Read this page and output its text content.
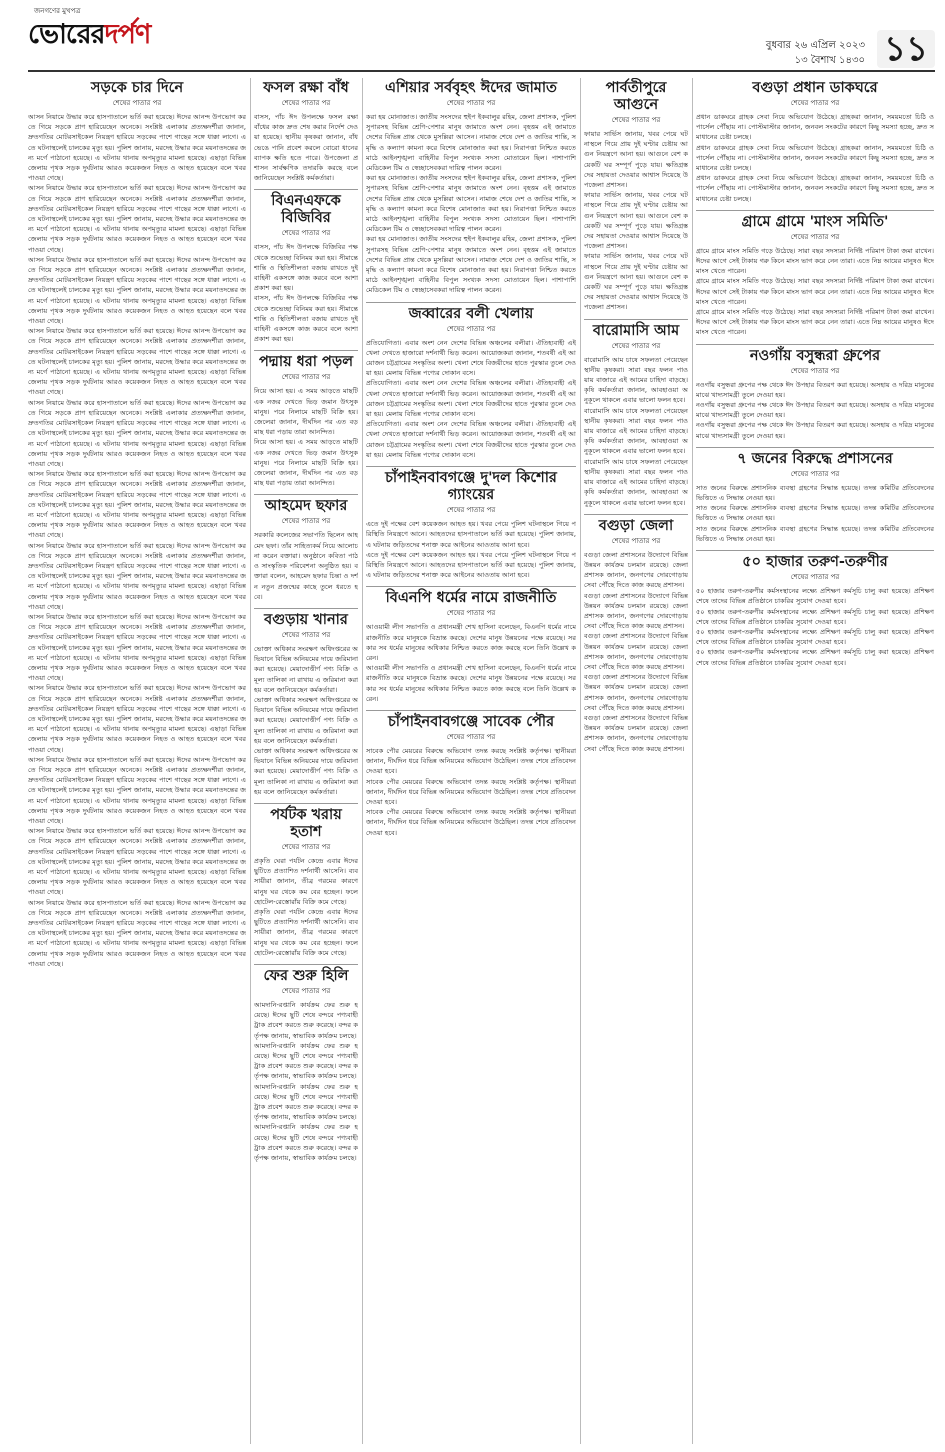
জনগণের মুখপত্র
ভোরেরদর্পণ	বুধবার ২৬ এপ্রিল ২০২৩
১৩ বৈশাখ ১৪৩০ ১১
সড়কে চার দিনে
শেষের পাতার পর

আসন নিয়ামে উদ্ধার করে হাসপাতালে ভর্তি করা হয়েছে। ঈদের আনন্দ উপভোগ করতে গিয়ে সড়কে প্রাণ হারিয়েছেন অনেকে। সংশ্লিষ্ট এলাকার প্রত্যক্ষদর্শীরা জানান, দ্রুতগতির মোটরসাইকেল নিয়ন্ত্রণ হারিয়ে সড়কের পাশে গাছের সঙ্গে ধাক্কা লাগে। এতে ঘটনাস্থলেই চালকের মৃত্যু হয়। পুলিশ জানায়, মরদেহ উদ্ধার করে ময়নাতদন্তের জন্য মর্গে পাঠানো হয়েছে। এ ঘটনায় থানায় অপমৃত্যুর মামলা হয়েছে। এছাড়া বিভিন্ন জেলায় পৃথক সড়ক দুর্ঘটনায় আরও কয়েকজন নিহত ও আহত হয়েছেন বলে খবর পাওয়া গেছে।

আসন নিয়ামে উদ্ধার করে হাসপাতালে ভর্তি করা হয়েছে। ঈদের আনন্দ উপভোগ করতে গিয়ে সড়কে প্রাণ হারিয়েছেন অনেকে। সংশ্লিষ্ট এলাকার প্রত্যক্ষদর্শীরা জানান, দ্রুতগতির মোটরসাইকেল নিয়ন্ত্রণ হারিয়ে সড়কের পাশে গাছের সঙ্গে ধাক্কা লাগে। এতে ঘটনাস্থলেই চালকের মৃত্যু হয়। পুলিশ জানায়, মরদেহ উদ্ধার করে ময়নাতদন্তের জন্য মর্গে পাঠানো হয়েছে। এ ঘটনায় থানায় অপমৃত্যুর মামলা হয়েছে। এছাড়া বিভিন্ন জেলায় পৃথক সড়ক দুর্ঘটনায় আরও কয়েকজন নিহত ও আহত হয়েছেন বলে খবর পাওয়া গেছে।

আসন নিয়ামে উদ্ধার করে হাসপাতালে ভর্তি করা হয়েছে। ঈদের আনন্দ উপভোগ করতে গিয়ে সড়কে প্রাণ হারিয়েছেন অনেকে। সংশ্লিষ্ট এলাকার প্রত্যক্ষদর্শীরা জানান, দ্রুতগতির মোটরসাইকেল নিয়ন্ত্রণ হারিয়ে সড়কের পাশে গাছের সঙ্গে ধাক্কা লাগে। এতে ঘটনাস্থলেই চালকের মৃত্যু হয়। পুলিশ জানায়, মরদেহ উদ্ধার করে ময়নাতদন্তের জন্য মর্গে পাঠানো হয়েছে। এ ঘটনায় থানায় অপমৃত্যুর মামলা হয়েছে। এছাড়া বিভিন্ন জেলায় পৃথক সড়ক দুর্ঘটনায় আরও কয়েকজন নিহত ও আহত হয়েছেন বলে খবর পাওয়া গেছে।

আসন নিয়ামে উদ্ধার করে হাসপাতালে ভর্তি করা হয়েছে। ঈদের আনন্দ উপভোগ করতে গিয়ে সড়কে প্রাণ হারিয়েছেন অনেকে। সংশ্লিষ্ট এলাকার প্রত্যক্ষদর্শীরা জানান, দ্রুতগতির মোটরসাইকেল নিয়ন্ত্রণ হারিয়ে সড়কের পাশে গাছের সঙ্গে ধাক্কা লাগে। এতে ঘটনাস্থলেই চালকের মৃত্যু হয়। পুলিশ জানায়, মরদেহ উদ্ধার করে ময়নাতদন্তের জন্য মর্গে পাঠানো হয়েছে। এ ঘটনায় থানায় অপমৃত্যুর মামলা হয়েছে। এছাড়া বিভিন্ন জেলায় পৃথক সড়ক দুর্ঘটনায় আরও কয়েকজন নিহত ও আহত হয়েছেন বলে খবর পাওয়া গেছে।

আসন নিয়ামে উদ্ধার করে হাসপাতালে ভর্তি করা হয়েছে। ঈদের আনন্দ উপভোগ করতে গিয়ে সড়কে প্রাণ হারিয়েছেন অনেকে। সংশ্লিষ্ট এলাকার প্রত্যক্ষদর্শীরা জানান, দ্রুতগতির মোটরসাইকেল নিয়ন্ত্রণ হারিয়ে সড়কের পাশে গাছের সঙ্গে ধাক্কা লাগে। এতে ঘটনাস্থলেই চালকের মৃত্যু হয়। পুলিশ জানায়, মরদেহ উদ্ধার করে ময়নাতদন্তের জন্য মর্গে পাঠানো হয়েছে। এ ঘটনায় থানায় অপমৃত্যুর মামলা হয়েছে। এছাড়া বিভিন্ন জেলায় পৃথক সড়ক দুর্ঘটনায় আরও কয়েকজন নিহত ও আহত হয়েছেন বলে খবর পাওয়া গেছে।

আসন নিয়ামে উদ্ধার করে হাসপাতালে ভর্তি করা হয়েছে। ঈদের আনন্দ উপভোগ করতে গিয়ে সড়কে প্রাণ হারিয়েছেন অনেকে। সংশ্লিষ্ট এলাকার প্রত্যক্ষদর্শীরা জানান, দ্রুতগতির মোটরসাইকেল নিয়ন্ত্রণ হারিয়ে সড়কের পাশে গাছের সঙ্গে ধাক্কা লাগে। এতে ঘটনাস্থলেই চালকের মৃত্যু হয়। পুলিশ জানায়, মরদেহ উদ্ধার করে ময়নাতদন্তের জন্য মর্গে পাঠানো হয়েছে। এ ঘটনায় থানায় অপমৃত্যুর মামলা হয়েছে। এছাড়া বিভিন্ন জেলায় পৃথক সড়ক দুর্ঘটনায় আরও কয়েকজন নিহত ও আহত হয়েছেন বলে খবর পাওয়া গেছে।

আসন নিয়ামে উদ্ধার করে হাসপাতালে ভর্তি করা হয়েছে। ঈদের আনন্দ উপভোগ করতে গিয়ে সড়কে প্রাণ হারিয়েছেন অনেকে। সংশ্লিষ্ট এলাকার প্রত্যক্ষদর্শীরা জানান, দ্রুতগতির মোটরসাইকেল নিয়ন্ত্রণ হারিয়ে সড়কের পাশে গাছের সঙ্গে ধাক্কা লাগে। এতে ঘটনাস্থলেই চালকের মৃত্যু হয়। পুলিশ জানায়, মরদেহ উদ্ধার করে ময়নাতদন্তের জন্য মর্গে পাঠানো হয়েছে। এ ঘটনায় থানায় অপমৃত্যুর মামলা হয়েছে। এছাড়া বিভিন্ন জেলায় পৃথক সড়ক দুর্ঘটনায় আরও কয়েকজন নিহত ও আহত হয়েছেন বলে খবর পাওয়া গেছে।

আসন নিয়ামে উদ্ধার করে হাসপাতালে ভর্তি করা হয়েছে। ঈদের আনন্দ উপভোগ করতে গিয়ে সড়কে প্রাণ হারিয়েছেন অনেকে। সংশ্লিষ্ট এলাকার প্রত্যক্ষদর্শীরা জানান, দ্রুতগতির মোটরসাইকেল নিয়ন্ত্রণ হারিয়ে সড়কের পাশে গাছের সঙ্গে ধাক্কা লাগে। এতে ঘটনাস্থলেই চালকের মৃত্যু হয়। পুলিশ জানায়, মরদেহ উদ্ধার করে ময়নাতদন্তের জন্য মর্গে পাঠানো হয়েছে। এ ঘটনায় থানায় অপমৃত্যুর মামলা হয়েছে। এছাড়া বিভিন্ন জেলায় পৃথক সড়ক দুর্ঘটনায় আরও কয়েকজন নিহত ও আহত হয়েছেন বলে খবর পাওয়া গেছে।

আসন নিয়ামে উদ্ধার করে হাসপাতালে ভর্তি করা হয়েছে। ঈদের আনন্দ উপভোগ করতে গিয়ে সড়কে প্রাণ হারিয়েছেন অনেকে। সংশ্লিষ্ট এলাকার প্রত্যক্ষদর্শীরা জানান, দ্রুতগতির মোটরসাইকেল নিয়ন্ত্রণ হারিয়ে সড়কের পাশে গাছের সঙ্গে ধাক্কা লাগে। এতে ঘটনাস্থলেই চালকের মৃত্যু হয়। পুলিশ জানায়, মরদেহ উদ্ধার করে ময়নাতদন্তের জন্য মর্গে পাঠানো হয়েছে। এ ঘটনায় থানায় অপমৃত্যুর মামলা হয়েছে। এছাড়া বিভিন্ন জেলায় পৃথক সড়ক দুর্ঘটনায় আরও কয়েকজন নিহত ও আহত হয়েছেন বলে খবর পাওয়া গেছে।

আসন নিয়ামে উদ্ধার করে হাসপাতালে ভর্তি করা হয়েছে। ঈদের আনন্দ উপভোগ করতে গিয়ে সড়কে প্রাণ হারিয়েছেন অনেকে। সংশ্লিষ্ট এলাকার প্রত্যক্ষদর্শীরা জানান, দ্রুতগতির মোটরসাইকেল নিয়ন্ত্রণ হারিয়ে সড়কের পাশে গাছের সঙ্গে ধাক্কা লাগে। এতে ঘটনাস্থলেই চালকের মৃত্যু হয়। পুলিশ জানায়, মরদেহ উদ্ধার করে ময়নাতদন্তের জন্য মর্গে পাঠানো হয়েছে। এ ঘটনায় থানায় অপমৃত্যুর মামলা হয়েছে। এছাড়া বিভিন্ন জেলায় পৃথক সড়ক দুর্ঘটনায় আরও কয়েকজন নিহত ও আহত হয়েছেন বলে খবর পাওয়া গেছে।

আসন নিয়ামে উদ্ধার করে হাসপাতালে ভর্তি করা হয়েছে। ঈদের আনন্দ উপভোগ করতে গিয়ে সড়কে প্রাণ হারিয়েছেন অনেকে। সংশ্লিষ্ট এলাকার প্রত্যক্ষদর্শীরা জানান, দ্রুতগতির মোটরসাইকেল নিয়ন্ত্রণ হারিয়ে সড়কের পাশে গাছের সঙ্গে ধাক্কা লাগে। এতে ঘটনাস্থলেই চালকের মৃত্যু হয়। পুলিশ জানায়, মরদেহ উদ্ধার করে ময়নাতদন্তের জন্য মর্গে পাঠানো হয়েছে। এ ঘটনায় থানায় অপমৃত্যুর মামলা হয়েছে। এছাড়া বিভিন্ন জেলায় পৃথক সড়ক দুর্ঘটনায় আরও কয়েকজন নিহত ও আহত হয়েছেন বলে খবর পাওয়া গেছে।

আসন নিয়ামে উদ্ধার করে হাসপাতালে ভর্তি করা হয়েছে। ঈদের আনন্দ উপভোগ করতে গিয়ে সড়কে প্রাণ হারিয়েছেন অনেকে। সংশ্লিষ্ট এলাকার প্রত্যক্ষদর্শীরা জানান, দ্রুতগতির মোটরসাইকেল নিয়ন্ত্রণ হারিয়ে সড়কের পাশে গাছের সঙ্গে ধাক্কা লাগে। এতে ঘটনাস্থলেই চালকের মৃত্যু হয়। পুলিশ জানায়, মরদেহ উদ্ধার করে ময়নাতদন্তের জন্য মর্গে পাঠানো হয়েছে। এ ঘটনায় থানায় অপমৃত্যুর মামলা হয়েছে। এছাড়া বিভিন্ন জেলায় পৃথক সড়ক দুর্ঘটনায় আরও কয়েকজন নিহত ও আহত হয়েছেন বলে খবর পাওয়া গেছে।

ফসল রক্ষা বাঁধ
শেষের পাতার পর

বাসস, পাঁচ ঈদ উপলক্ষে ফসল রক্ষা বাঁধের কাজ দ্রুত শেষ করার নির্দেশ দেওয়া হয়েছে। স্থানীয় কৃষকরা জানান, বাঁধ ভেঙে পানি প্রবেশ করলে বোরো ধানের ব্যাপক ক্ষতি হতে পারে। উপজেলা প্রশাসন সার্বক্ষণিক তদারকি করছে বলে জানিয়েছেন সংশ্লিষ্ট কর্মকর্তারা।

বিএনএফকে বিজিবির
শেষের পাতার পর

বাসস, পাঁচ ঈদ উপলক্ষে বিজিবির পক্ষ থেকে শুভেচ্ছা বিনিময় করা হয়। সীমান্তে শান্তি ও স্থিতিশীলতা বজায় রাখতে দুই বাহিনী একসঙ্গে কাজ করবে বলে আশা প্রকাশ করা হয়।

বাসস, পাঁচ ঈদ উপলক্ষে বিজিবির পক্ষ থেকে শুভেচ্ছা বিনিময় করা হয়। সীমান্তে শান্তি ও স্থিতিশীলতা বজায় রাখতে দুই বাহিনী একসঙ্গে কাজ করবে বলে আশা প্রকাশ করা হয়।

পদ্মায় ধরা পড়ল
শেষের পাতার পর

নিয়ে আসা হয়। এ সময় আড়তে মাছটি এক নজর দেখতে ভিড় জমান উৎসুক মানুষ। পরে নিলামে মাছটি বিক্রি হয়। জেলেরা জানান, দীর্ঘদিন পর এত বড় মাছ ধরা পড়ায় তারা আনন্দিত।

নিয়ে আসা হয়। এ সময় আড়তে মাছটি এক নজর দেখতে ভিড় জমান উৎসুক মানুষ। পরে নিলামে মাছটি বিক্রি হয়। জেলেরা জানান, দীর্ঘদিন পর এত বড় মাছ ধরা পড়ায় তারা আনন্দিত।

আহমেদ ছফার
শেষের পাতার পর

সরকারি কলেজের সভাপতি ছিলেন আহমেদ ছফা। তাঁর সাহিত্যকর্ম নিয়ে আলোচনা করেন বক্তারা। অনুষ্ঠানে কবিতা পাঠ ও সাংস্কৃতিক পরিবেশনা অনুষ্ঠিত হয়। বক্তারা বলেন, আহমেদ ছফার চিন্তা ও দর্শন নতুন প্রজন্মের কাছে তুলে ধরতে হবে।

বগুড়ায় খানার
শেষের পাতার পর

ভোক্তা অধিকার সংরক্ষণ অধিদপ্তরের অভিযানে বিভিন্ন অনিয়মের দায়ে জরিমানা করা হয়েছে। মেয়াদোত্তীর্ণ পণ্য বিক্রি ও মূল্য তালিকা না রাখায় এ জরিমানা করা হয় বলে জানিয়েছেন কর্মকর্তারা।

ভোক্তা অধিকার সংরক্ষণ অধিদপ্তরের অভিযানে বিভিন্ন অনিয়মের দায়ে জরিমানা করা হয়েছে। মেয়াদোত্তীর্ণ পণ্য বিক্রি ও মূল্য তালিকা না রাখায় এ জরিমানা করা হয় বলে জানিয়েছেন কর্মকর্তারা।

ভোক্তা অধিকার সংরক্ষণ অধিদপ্তরের অভিযানে বিভিন্ন অনিয়মের দায়ে জরিমানা করা হয়েছে। মেয়াদোত্তীর্ণ পণ্য বিক্রি ও মূল্য তালিকা না রাখায় এ জরিমানা করা হয় বলে জানিয়েছেন কর্মকর্তারা।

পর্যটক খরায় হতাশ
শেষের পাতার পর

প্রকৃতি ঘেরা পর্যটন কেন্দ্রে এবার ঈদের ছুটিতে প্রত্যাশিত দর্শনার্থী আসেনি। ব্যবসায়ীরা জানান, তীব্র গরমের কারণে মানুষ ঘর থেকে কম বের হচ্ছেন। ফলে হোটেল-রেস্তোরাঁয় বিক্রি কমে গেছে।

প্রকৃতি ঘেরা পর্যটন কেন্দ্রে এবার ঈদের ছুটিতে প্রত্যাশিত দর্শনার্থী আসেনি। ব্যবসায়ীরা জানান, তীব্র গরমের কারণে মানুষ ঘর থেকে কম বের হচ্ছেন। ফলে হোটেল-রেস্তোরাঁয় বিক্রি কমে গেছে।

ফের শুরু হিলি
শেষের পাতার পর

আমদানি-রপ্তানি কার্যক্রম ফের শুরু হয়েছে। ঈদের ছুটি শেষে বন্দরে পণ্যবাহী ট্রাক প্রবেশ করতে শুরু করেছে। বন্দর কর্তৃপক্ষ জানায়, স্বাভাবিক কার্যক্রম চলছে।

আমদানি-রপ্তানি কার্যক্রম ফের শুরু হয়েছে। ঈদের ছুটি শেষে বন্দরে পণ্যবাহী ট্রাক প্রবেশ করতে শুরু করেছে। বন্দর কর্তৃপক্ষ জানায়, স্বাভাবিক কার্যক্রম চলছে।

আমদানি-রপ্তানি কার্যক্রম ফের শুরু হয়েছে। ঈদের ছুটি শেষে বন্দরে পণ্যবাহী ট্রাক প্রবেশ করতে শুরু করেছে। বন্দর কর্তৃপক্ষ জানায়, স্বাভাবিক কার্যক্রম চলছে।

আমদানি-রপ্তানি কার্যক্রম ফের শুরু হয়েছে। ঈদের ছুটি শেষে বন্দরে পণ্যবাহী ট্রাক প্রবেশ করতে শুরু করেছে। বন্দর কর্তৃপক্ষ জানায়, স্বাভাবিক কার্যক্রম চলছে।

এশিয়ার সর্ববৃহৎ ঈদের জামাত
শেষের পাতার পর

করা হয় মোনাজাত। জাতীয় সংসদের হুইপ ইকবালুর রহিম, জেলা প্রশাসক, পুলিশ সুপারসহ বিভিন্ন শ্রেণি-পেশার মানুষ জামাতে অংশ নেন। বৃহত্তম এই জামাতে দেশের বিভিন্ন প্রান্ত থেকে মুসল্লিরা আসেন। নামাজ শেষে দেশ ও জাতির শান্তি, সমৃদ্ধি ও কল্যাণ কামনা করে বিশেষ মোনাজাত করা হয়। নিরাপত্তা নিশ্চিত করতে মাঠে আইনশৃঙ্খলা বাহিনীর বিপুল সংখ্যক সদস্য মোতায়েন ছিল। পাশাপাশি মেডিকেল টিম ও স্বেচ্ছাসেবকরা দায়িত্ব পালন করেন।

করা হয় মোনাজাত। জাতীয় সংসদের হুইপ ইকবালুর রহিম, জেলা প্রশাসক, পুলিশ সুপারসহ বিভিন্ন শ্রেণি-পেশার মানুষ জামাতে অংশ নেন। বৃহত্তম এই জামাতে দেশের বিভিন্ন প্রান্ত থেকে মুসল্লিরা আসেন। নামাজ শেষে দেশ ও জাতির শান্তি, সমৃদ্ধি ও কল্যাণ কামনা করে বিশেষ মোনাজাত করা হয়। নিরাপত্তা নিশ্চিত করতে মাঠে আইনশৃঙ্খলা বাহিনীর বিপুল সংখ্যক সদস্য মোতায়েন ছিল। পাশাপাশি মেডিকেল টিম ও স্বেচ্ছাসেবকরা দায়িত্ব পালন করেন।

করা হয় মোনাজাত। জাতীয় সংসদের হুইপ ইকবালুর রহিম, জেলা প্রশাসক, পুলিশ সুপারসহ বিভিন্ন শ্রেণি-পেশার মানুষ জামাতে অংশ নেন। বৃহত্তম এই জামাতে দেশের বিভিন্ন প্রান্ত থেকে মুসল্লিরা আসেন। নামাজ শেষে দেশ ও জাতির শান্তি, সমৃদ্ধি ও কল্যাণ কামনা করে বিশেষ মোনাজাত করা হয়। নিরাপত্তা নিশ্চিত করতে মাঠে আইনশৃঙ্খলা বাহিনীর বিপুল সংখ্যক সদস্য মোতায়েন ছিল। পাশাপাশি মেডিকেল টিম ও স্বেচ্ছাসেবকরা দায়িত্ব পালন করেন।

জব্বারের বলী খেলায়
শেষের পাতার পর

প্রতিযোগিতা। এবার অংশ নেন দেশের বিভিন্ন অঞ্চলের বলীরা। ঐতিহ্যবাহী এই খেলা দেখতে হাজারো দর্শনার্থী ভিড় করেন। আয়োজকরা জানান, শতবর্ষী এই আয়োজন চট্টগ্রামের সংস্কৃতির অংশ। খেলা শেষে বিজয়ীদের হাতে পুরস্কার তুলে দেওয়া হয়। মেলায় বিভিন্ন পণ্যের দোকান বসে।

প্রতিযোগিতা। এবার অংশ নেন দেশের বিভিন্ন অঞ্চলের বলীরা। ঐতিহ্যবাহী এই খেলা দেখতে হাজারো দর্শনার্থী ভিড় করেন। আয়োজকরা জানান, শতবর্ষী এই আয়োজন চট্টগ্রামের সংস্কৃতির অংশ। খেলা শেষে বিজয়ীদের হাতে পুরস্কার তুলে দেওয়া হয়। মেলায় বিভিন্ন পণ্যের দোকান বসে।

প্রতিযোগিতা। এবার অংশ নেন দেশের বিভিন্ন অঞ্চলের বলীরা। ঐতিহ্যবাহী এই খেলা দেখতে হাজারো দর্শনার্থী ভিড় করেন। আয়োজকরা জানান, শতবর্ষী এই আয়োজন চট্টগ্রামের সংস্কৃতির অংশ। খেলা শেষে বিজয়ীদের হাতে পুরস্কার তুলে দেওয়া হয়। মেলায় বিভিন্ন পণ্যের দোকান বসে।

চাঁপাইনবাবগঞ্জে দু'দল কিশোর গ্যাংয়ের
শেষের পাতার পর

এতে দুই পক্ষের বেশ কয়েকজন আহত হয়। খবর পেয়ে পুলিশ ঘটনাস্থলে গিয়ে পরিস্থিতি নিয়ন্ত্রণে আনে। আহতদের হাসপাতালে ভর্তি করা হয়েছে। পুলিশ জানায়, এ ঘটনায় জড়িতদের শনাক্ত করে আইনের আওতায় আনা হবে।

এতে দুই পক্ষের বেশ কয়েকজন আহত হয়। খবর পেয়ে পুলিশ ঘটনাস্থলে গিয়ে পরিস্থিতি নিয়ন্ত্রণে আনে। আহতদের হাসপাতালে ভর্তি করা হয়েছে। পুলিশ জানায়, এ ঘটনায় জড়িতদের শনাক্ত করে আইনের আওতায় আনা হবে।

বিএনপি ধর্মের নামে রাজনীতি
শেষের পাতার পর

আওয়ামী লীগ সভাপতি ও প্রধানমন্ত্রী শেখ হাসিনা বলেছেন, বিএনপি ধর্মের নামে রাজনীতি করে মানুষকে বিভ্রান্ত করছে। দেশের মানুষ উন্নয়নের পক্ষে রয়েছে। সরকার সব ধর্মের মানুষের অধিকার নিশ্চিত করতে কাজ করছে বলে তিনি উল্লেখ করেন।

আওয়ামী লীগ সভাপতি ও প্রধানমন্ত্রী শেখ হাসিনা বলেছেন, বিএনপি ধর্মের নামে রাজনীতি করে মানুষকে বিভ্রান্ত করছে। দেশের মানুষ উন্নয়নের পক্ষে রয়েছে। সরকার সব ধর্মের মানুষের অধিকার নিশ্চিত করতে কাজ করছে বলে তিনি উল্লেখ করেন।

চাঁপাইনবাবগঞ্জে সাবেক পৌর
শেষের পাতার পর

সাবেক পৌর মেয়রের বিরুদ্ধে অভিযোগ তদন্ত করছে সংশ্লিষ্ট কর্তৃপক্ষ। স্থানীয়রা জানান, দীর্ঘদিন ধরে বিভিন্ন অনিয়মের অভিযোগ উঠেছিল। তদন্ত শেষে প্রতিবেদন দেওয়া হবে।

সাবেক পৌর মেয়রের বিরুদ্ধে অভিযোগ তদন্ত করছে সংশ্লিষ্ট কর্তৃপক্ষ। স্থানীয়রা জানান, দীর্ঘদিন ধরে বিভিন্ন অনিয়মের অভিযোগ উঠেছিল। তদন্ত শেষে প্রতিবেদন দেওয়া হবে।

সাবেক পৌর মেয়রের বিরুদ্ধে অভিযোগ তদন্ত করছে সংশ্লিষ্ট কর্তৃপক্ষ। স্থানীয়রা জানান, দীর্ঘদিন ধরে বিভিন্ন অনিয়মের অভিযোগ উঠেছিল। তদন্ত শেষে প্রতিবেদন দেওয়া হবে।

পার্বতীপুরে আগুনে
শেষের পাতার পর

ফায়ার সার্ভিস জানায়, খবর পেয়ে ঘটনাস্থলে গিয়ে প্রায় দুই ঘণ্টার চেষ্টায় আগুন নিয়ন্ত্রণে আনা হয়। আগুনে বেশ কয়েকটি ঘর সম্পূর্ণ পুড়ে যায়। ক্ষতিগ্রস্তদের সহায়তা দেওয়ার আশ্বাস দিয়েছে উপজেলা প্রশাসন।

ফায়ার সার্ভিস জানায়, খবর পেয়ে ঘটনাস্থলে গিয়ে প্রায় দুই ঘণ্টার চেষ্টায় আগুন নিয়ন্ত্রণে আনা হয়। আগুনে বেশ কয়েকটি ঘর সম্পূর্ণ পুড়ে যায়। ক্ষতিগ্রস্তদের সহায়তা দেওয়ার আশ্বাস দিয়েছে উপজেলা প্রশাসন।

ফায়ার সার্ভিস জানায়, খবর পেয়ে ঘটনাস্থলে গিয়ে প্রায় দুই ঘণ্টার চেষ্টায় আগুন নিয়ন্ত্রণে আনা হয়। আগুনে বেশ কয়েকটি ঘর সম্পূর্ণ পুড়ে যায়। ক্ষতিগ্রস্তদের সহায়তা দেওয়ার আশ্বাস দিয়েছে উপজেলা প্রশাসন।

বারোমাসি আম
শেষের পাতার পর

বারোমাসি আম চাষে সফলতা পেয়েছেন স্থানীয় কৃষকরা। সারা বছর ফলন পাওয়ায় বাজারে এই আমের চাহিদা বাড়ছে। কৃষি কর্মকর্তারা জানান, আবহাওয়া অনুকূলে থাকলে এবার ভালো ফলন হবে।

বারোমাসি আম চাষে সফলতা পেয়েছেন স্থানীয় কৃষকরা। সারা বছর ফলন পাওয়ায় বাজারে এই আমের চাহিদা বাড়ছে। কৃষি কর্মকর্তারা জানান, আবহাওয়া অনুকূলে থাকলে এবার ভালো ফলন হবে।

বারোমাসি আম চাষে সফলতা পেয়েছেন স্থানীয় কৃষকরা। সারা বছর ফলন পাওয়ায় বাজারে এই আমের চাহিদা বাড়ছে। কৃষি কর্মকর্তারা জানান, আবহাওয়া অনুকূলে থাকলে এবার ভালো ফলন হবে।

বগুড়া জেলা
শেষের পাতার পর

বগুড়া জেলা প্রশাসনের উদ্যোগে বিভিন্ন উন্নয়ন কার্যক্রম চলমান রয়েছে। জেলা প্রশাসক জানান, জনগণের দোরগোড়ায় সেবা পৌঁছে দিতে কাজ করছে প্রশাসন।

বগুড়া জেলা প্রশাসনের উদ্যোগে বিভিন্ন উন্নয়ন কার্যক্রম চলমান রয়েছে। জেলা প্রশাসক জানান, জনগণের দোরগোড়ায় সেবা পৌঁছে দিতে কাজ করছে প্রশাসন।

বগুড়া জেলা প্রশাসনের উদ্যোগে বিভিন্ন উন্নয়ন কার্যক্রম চলমান রয়েছে। জেলা প্রশাসক জানান, জনগণের দোরগোড়ায় সেবা পৌঁছে দিতে কাজ করছে প্রশাসন।

বগুড়া জেলা প্রশাসনের উদ্যোগে বিভিন্ন উন্নয়ন কার্যক্রম চলমান রয়েছে। জেলা প্রশাসক জানান, জনগণের দোরগোড়ায় সেবা পৌঁছে দিতে কাজ করছে প্রশাসন।

বগুড়া জেলা প্রশাসনের উদ্যোগে বিভিন্ন উন্নয়ন কার্যক্রম চলমান রয়েছে। জেলা প্রশাসক জানান, জনগণের দোরগোড়ায় সেবা পৌঁছে দিতে কাজ করছে প্রশাসন।

বগুড়া প্রধান ডাকঘরে
শেষের পাতার পর

প্রধান ডাকঘরে গ্রাহক সেবা নিয়ে অভিযোগ উঠেছে। গ্রাহকরা জানান, সময়মতো চিঠি ও পার্সেল পৌঁছায় না। পোস্টমাস্টার জানান, জনবল সংকটের কারণে কিছু সমস্যা হচ্ছে, দ্রুত সমাধানের চেষ্টা চলছে।

প্রধান ডাকঘরে গ্রাহক সেবা নিয়ে অভিযোগ উঠেছে। গ্রাহকরা জানান, সময়মতো চিঠি ও পার্সেল পৌঁছায় না। পোস্টমাস্টার জানান, জনবল সংকটের কারণে কিছু সমস্যা হচ্ছে, দ্রুত সমাধানের চেষ্টা চলছে।

প্রধান ডাকঘরে গ্রাহক সেবা নিয়ে অভিযোগ উঠেছে। গ্রাহকরা জানান, সময়মতো চিঠি ও পার্সেল পৌঁছায় না। পোস্টমাস্টার জানান, জনবল সংকটের কারণে কিছু সমস্যা হচ্ছে, দ্রুত সমাধানের চেষ্টা চলছে।

গ্রামে গ্রামে 'মাংস সমিতি'
শেষের পাতার পর

গ্রামে গ্রামে মাংস সমিতি গড়ে উঠেছে। সারা বছর সদস্যরা নির্দিষ্ট পরিমাণ টাকা জমা রাখেন। ঈদের আগে সেই টাকায় গরু কিনে মাংস ভাগ করে নেন তারা। এতে নিম্ন আয়ের মানুষও ঈদে মাংস খেতে পারেন।

গ্রামে গ্রামে মাংস সমিতি গড়ে উঠেছে। সারা বছর সদস্যরা নির্দিষ্ট পরিমাণ টাকা জমা রাখেন। ঈদের আগে সেই টাকায় গরু কিনে মাংস ভাগ করে নেন তারা। এতে নিম্ন আয়ের মানুষও ঈদে মাংস খেতে পারেন।

গ্রামে গ্রামে মাংস সমিতি গড়ে উঠেছে। সারা বছর সদস্যরা নির্দিষ্ট পরিমাণ টাকা জমা রাখেন। ঈদের আগে সেই টাকায় গরু কিনে মাংস ভাগ করে নেন তারা। এতে নিম্ন আয়ের মানুষও ঈদে মাংস খেতে পারেন।

নওগাঁয় বসুন্ধরা গ্রুপের
শেষের পাতার পর

নওগাঁয় বসুন্ধরা গ্রুপের পক্ষ থেকে ঈদ উপহার বিতরণ করা হয়েছে। অসহায় ও দরিদ্র মানুষের মাঝে খাদ্যসামগ্রী তুলে দেওয়া হয়।

নওগাঁয় বসুন্ধরা গ্রুপের পক্ষ থেকে ঈদ উপহার বিতরণ করা হয়েছে। অসহায় ও দরিদ্র মানুষের মাঝে খাদ্যসামগ্রী তুলে দেওয়া হয়।

নওগাঁয় বসুন্ধরা গ্রুপের পক্ষ থেকে ঈদ উপহার বিতরণ করা হয়েছে। অসহায় ও দরিদ্র মানুষের মাঝে খাদ্যসামগ্রী তুলে দেওয়া হয়।

৭ জনের বিরুদ্ধে প্রশাসনের
শেষের পাতার পর

সাত জনের বিরুদ্ধে প্রশাসনিক ব্যবস্থা গ্রহণের সিদ্ধান্ত হয়েছে। তদন্ত কমিটির প্রতিবেদনের ভিত্তিতে এ সিদ্ধান্ত নেওয়া হয়।

সাত জনের বিরুদ্ধে প্রশাসনিক ব্যবস্থা গ্রহণের সিদ্ধান্ত হয়েছে। তদন্ত কমিটির প্রতিবেদনের ভিত্তিতে এ সিদ্ধান্ত নেওয়া হয়।

সাত জনের বিরুদ্ধে প্রশাসনিক ব্যবস্থা গ্রহণের সিদ্ধান্ত হয়েছে। তদন্ত কমিটির প্রতিবেদনের ভিত্তিতে এ সিদ্ধান্ত নেওয়া হয়।

৫০ হাজার তরুণ-তরুণীর
শেষের পাতার পর

৫০ হাজার তরুণ-তরুণীর কর্মসংস্থানের লক্ষ্যে প্রশিক্ষণ কর্মসূচি চালু করা হয়েছে। প্রশিক্ষণ শেষে তাদের বিভিন্ন প্রতিষ্ঠানে চাকরির সুযোগ দেওয়া হবে।

৫০ হাজার তরুণ-তরুণীর কর্মসংস্থানের লক্ষ্যে প্রশিক্ষণ কর্মসূচি চালু করা হয়েছে। প্রশিক্ষণ শেষে তাদের বিভিন্ন প্রতিষ্ঠানে চাকরির সুযোগ দেওয়া হবে।

৫০ হাজার তরুণ-তরুণীর কর্মসংস্থানের লক্ষ্যে প্রশিক্ষণ কর্মসূচি চালু করা হয়েছে। প্রশিক্ষণ শেষে তাদের বিভিন্ন প্রতিষ্ঠানে চাকরির সুযোগ দেওয়া হবে।

৫০ হাজার তরুণ-তরুণীর কর্মসংস্থানের লক্ষ্যে প্রশিক্ষণ কর্মসূচি চালু করা হয়েছে। প্রশিক্ষণ শেষে তাদের বিভিন্ন প্রতিষ্ঠানে চাকরির সুযোগ দেওয়া হবে।
